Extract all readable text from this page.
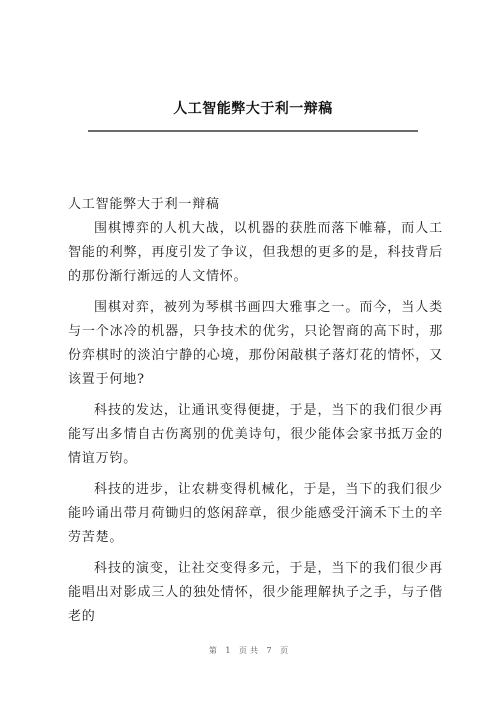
人工智能弊大于利一辩稿

人工智能弊大于利一辩稿

围棋博弈的人机大战，以机器的获胜而落下帷幕，而人工智能的利弊，再度引发了争议，但我想的更多的是，科技背后的那份渐行渐远的人文情怀。

围棋对弈，被列为琴棋书画四大雅事之一。而今，当人类与一个冰冷的机器，只争技术的优劣，只论智商的高下时，那份弈棋时的淡泊宁静的心境，那份闲敲棋子落灯花的情怀，又该置于何地?

科技的发达，让通讯变得便捷，于是，当下的我们很少再能写出多情自古伤离别的优美诗句，很少能体会家书抵万金的情谊万钧。

科技的进步，让农耕变得机械化，于是，当下的我们很少能吟诵出带月荷锄归的悠闲辞章，很少能感受汗滴禾下土的辛劳苦楚。

科技的演变，让社交变得多元，于是，当下的我们很少再能唱出对影成三人的独处情怀，很少能理解执子之手，与子偕老的

第 1 页共 7 页
